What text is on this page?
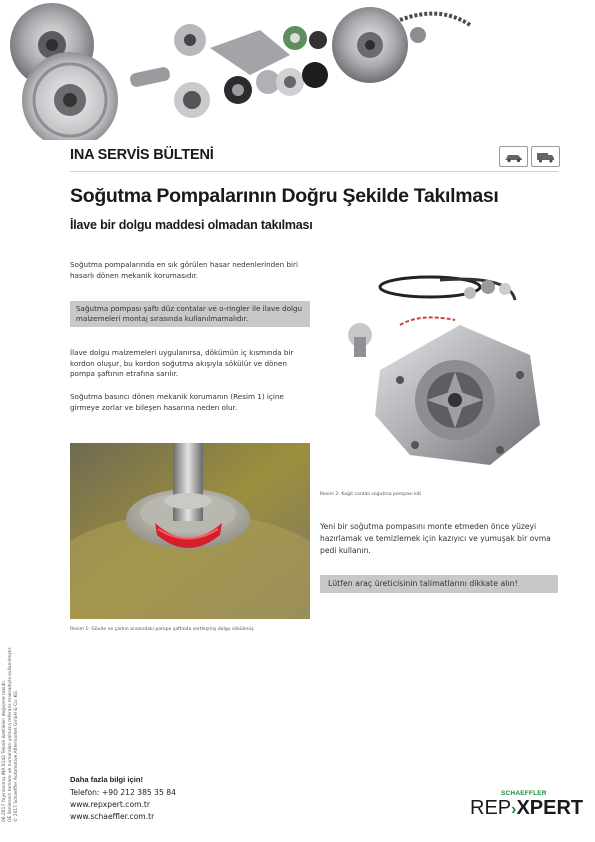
INA SERVİS BÜLTENİ
Soğutma Pompalarının Doğru Şekilde Takılması
İlave bir dolgu maddesi olmadan takılması
Soğutma pompalarında en sık görülen hasar nedenlerinden biri hasarlı dönen mekanik korumasıdır.
Sağutma pompası şaftı düz contalar ve o-ringler ile ilave dolgu malzemeleri montaj sırasında kullanılmamalıdır.
İlave dolgu malzemeleri uygulanırsa, dökümün iç kısmında bir kordon oluşur, bu kordon soğutma akışıyla sökülür ve dönen pompa şaftının etrafına sarılır.
Soğutma basıncı dönen mekanik korumanın (Resim 1) içine girmeye zorlar ve bileşen hasarına neden olur.
Resim 1: Gövde ve çarkın arasındaki pompa şaftında sertleşmiş dolgu sökülmüş
Resim 2: Kağıt contalı soğutma pompası kiti
Yeni bir soğutma pompasını monte etmeden önce yüzeyi hazırlamak ve temizlemek için kazıyıcı ve yumuşak bir ovma pedi kullanın.
Lütfen araç üreticisinin talimatlarını dikkate alın!
Daha fazla bilgi için!
Telefon: +90 212 385 35 84
www.repxpert.com.tr
www.schaeffler.com.tr
06.2017 Yayınlanmış INA 0142 Teknik özellikleri değişime tabidir. OE ilanlarının tamamı ve numaraları yalnızca referans maksadıyla kullanılmıştır. © 2017 Schaeffler Automotive Aftermarket GmbH & Co. KG	SCHAEFFLER
REP›XPERT
